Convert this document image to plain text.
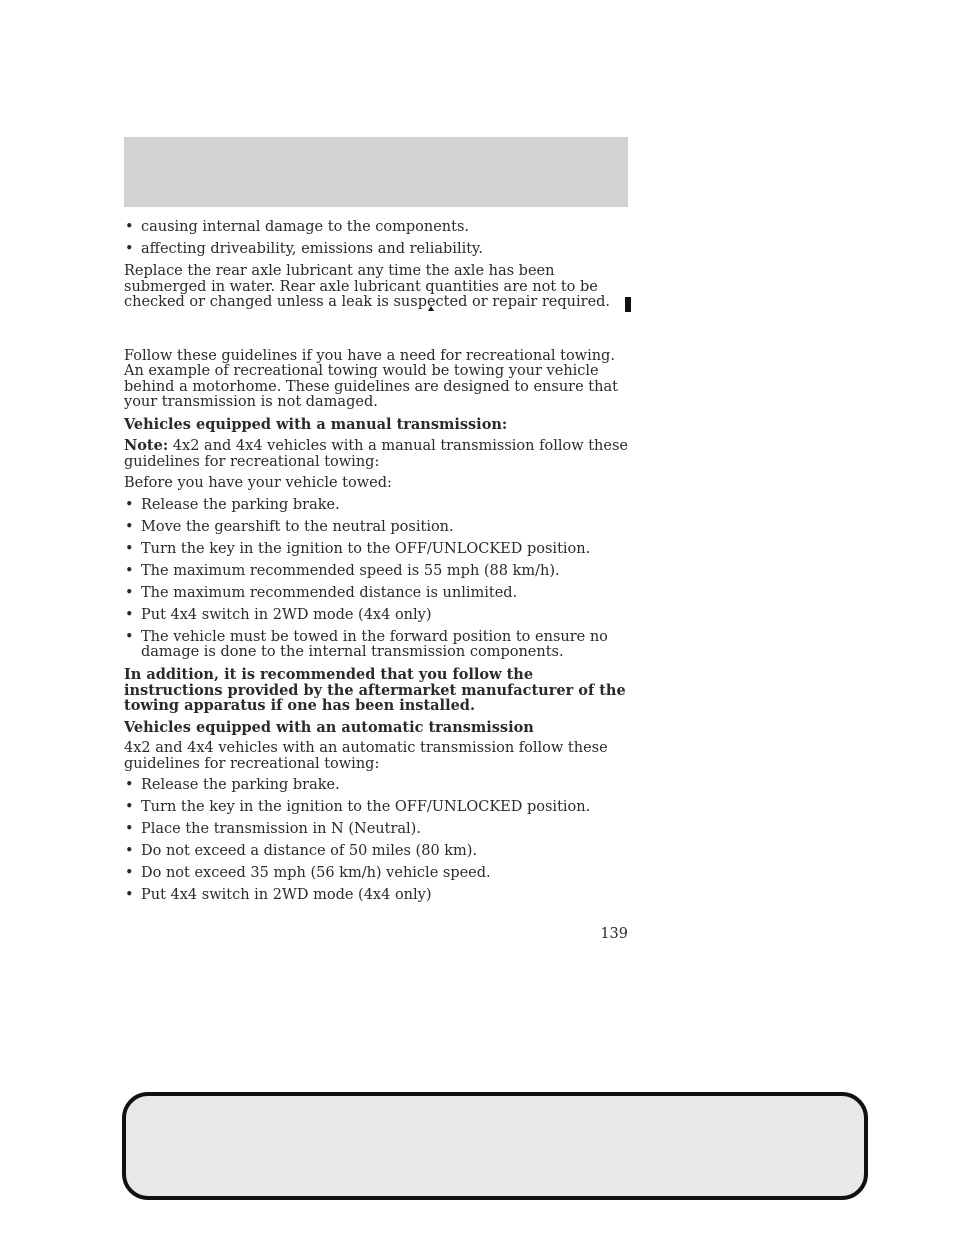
• causing internal damage to the components.
• affecting driveability, emissions and reliability.

Replace the rear axle lubricant any time the axle has been submerged in water. Rear axle lubricant quantities are not to be checked or changed unless a leak is suspected or repair required.

Follow these guidelines if you have a need for recreational towing. An example of recreational towing would be towing your vehicle behind a motorhome. These guidelines are designed to ensure that your transmission is not damaged.

Vehicles equipped with a manual transmission:

Note: 4x2 and 4x4 vehicles with a manual transmission follow these guidelines for recreational towing:

Before you have your vehicle towed:

• Release the parking brake.
• Move the gearshift to the neutral position.
• Turn the key in the ignition to the OFF/UNLOCKED position.
• The maximum recommended speed is 55 mph (88 km/h).
• The maximum recommended distance is unlimited.
• Put 4x4 switch in 2WD mode (4x4 only)
• The vehicle must be towed in the forward position to ensure no damage is done to the internal transmission components.

In addition, it is recommended that you follow the instructions provided by the aftermarket manufacturer of the towing apparatus if one has been installed.

Vehicles equipped with an automatic transmission

4x2 and 4x4 vehicles with an automatic transmission follow these guidelines for recreational towing:

• Release the parking brake.
• Turn the key in the ignition to the OFF/UNLOCKED position.
• Place the transmission in N (Neutral).
• Do not exceed a distance of 50 miles (80 km).
• Do not exceed 35 mph (56 km/h) vehicle speed.
• Put 4x4 switch in 2WD mode (4x4 only)
139
